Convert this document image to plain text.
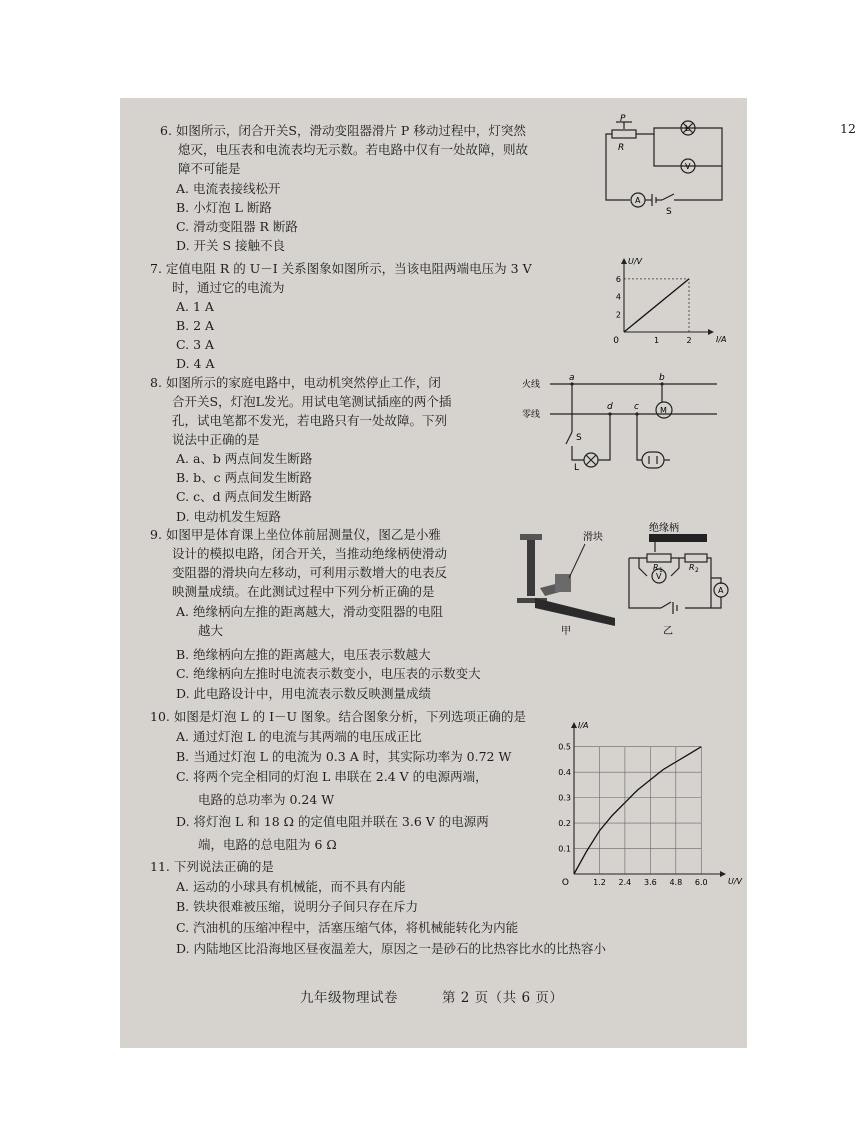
12
6. 如图所示，闭合开关S，滑动变阻器滑片 P 移动过程中，灯突然
熄灭，电压表和电流表均无示数。若电路中仅有一处故障，则故
障不可能是
A. 电流表接线松开
B. 小灯泡 L 断路
C. 滑动变阻器 R 断路
D. 开关 S 接触不良
P
R
L
V
A
S
7. 定值电阻 R 的 U－I 关系图象如图所示，当该电阻两端电压为 3 V
时，通过它的电流为
A. 1 A
B. 2 A
C. 3 A
D. 4 A
1	2
2
4
6
0	I/A
U/V
8. 如图所示的家庭电路中，电动机突然停止工作，闭
合开关S，灯泡L发光。用试电笔测试插座的两个插
孔，试电笔都不发光，若电路只有一处故障。下列
说法中正确的是
A. a、b 两点间发生断路
B. b、c 两点间发生断路
C. c、d 两点间发生断路
D. 电动机发生短路
火线
零线
a	b
c
d
S
L
M
9. 如图甲是体育课上坐位体前屈测量仪，图乙是小雅
设计的模拟电路，闭合开关，当推动绝缘柄使滑动
变阻器的滑块向左移动，可利用示数增大的电表反
映测量成绩。在此测试过程中下列分析正确的是
A. 绝缘柄向左推的距离越大，滑动变阻器的电阻
越大
B. 绝缘柄向左推的距离越大，电压表示数越大
C. 绝缘柄向左推时电流表示数变小，电压表的示数变大
D. 此电路设计中，用电流表示数反映测量成绩
滑块
甲
绝缘柄
R 1	R 2
V
A
乙
10. 如图是灯泡 L 的 I－U 图象。结合图象分析，下列选项正确的是
A. 通过灯泡 L 的电流与其两端的电压成正比
B. 当通过灯泡 L 的电流为 0.3 A 时，其实际功率为 0.72 W
C. 将两个完全相同的灯泡 L 串联在 2.4 V 的电源两端，
电路的总功率为 0.24 W
D. 将灯泡 L 和 18 Ω 的定值电阻并联在 3.6 V 的电源两
端，电路的总电阻为 6 Ω
1.2 2.4 3.6 4.8 6.0
0.1
0.2
0.3
0.4
0.5
O	U/V
I/A
11. 下列说法正确的是
A. 运动的小球具有机械能，而不具有内能
B. 铁块很难被压缩，说明分子间只存在斥力
C. 汽油机的压缩冲程中，活塞压缩气体，将机械能转化为内能
D. 内陆地区比沿海地区昼夜温差大，原因之一是砂石的比热容比水的比热容小
九年级物理试卷	第 2 页（共 6 页）
